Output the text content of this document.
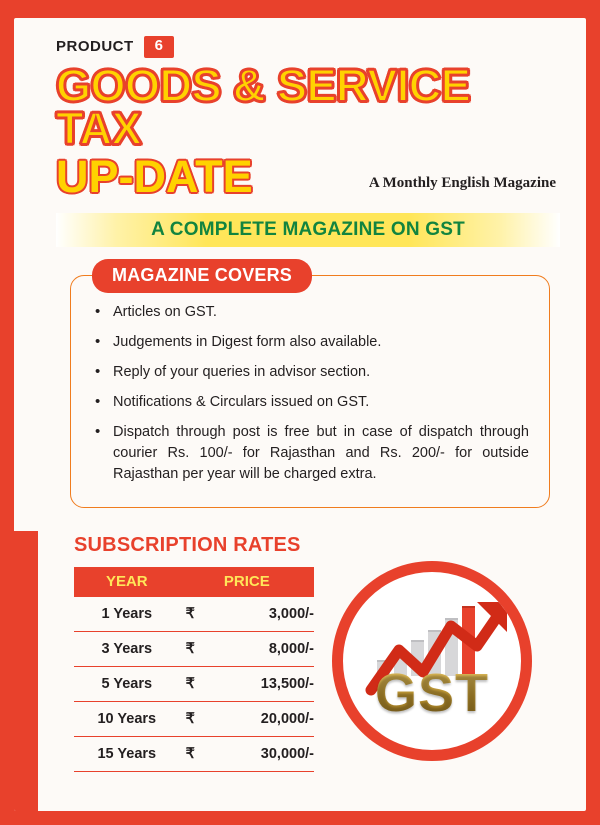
PRODUCT	6
GOODS & SERVICE TAX
UP-DATE	A Monthly English Magazine
A COMPLETE MAGAZINE ON GST
MAGAZINE COVERS
• Articles on GST.
• Judgements in Digest form also available.
• Reply of your queries in advisor section.
• Notifications & Circulars issued on GST.
• Dispatch through post is free but in case of dispatch through courier Rs. 100/- for Rajasthan and Rs. 200/- for outside Rajasthan per year will be charged extra.
SUBSCRIPTION RATES
YEAR	PRICE
1 Years	₹ 3,000/-
3 Years	₹ 8,000/-
5 Years	₹ 13,500/-
10 Years	₹ 20,000/-
15 Years	₹ 30,000/-
GST
